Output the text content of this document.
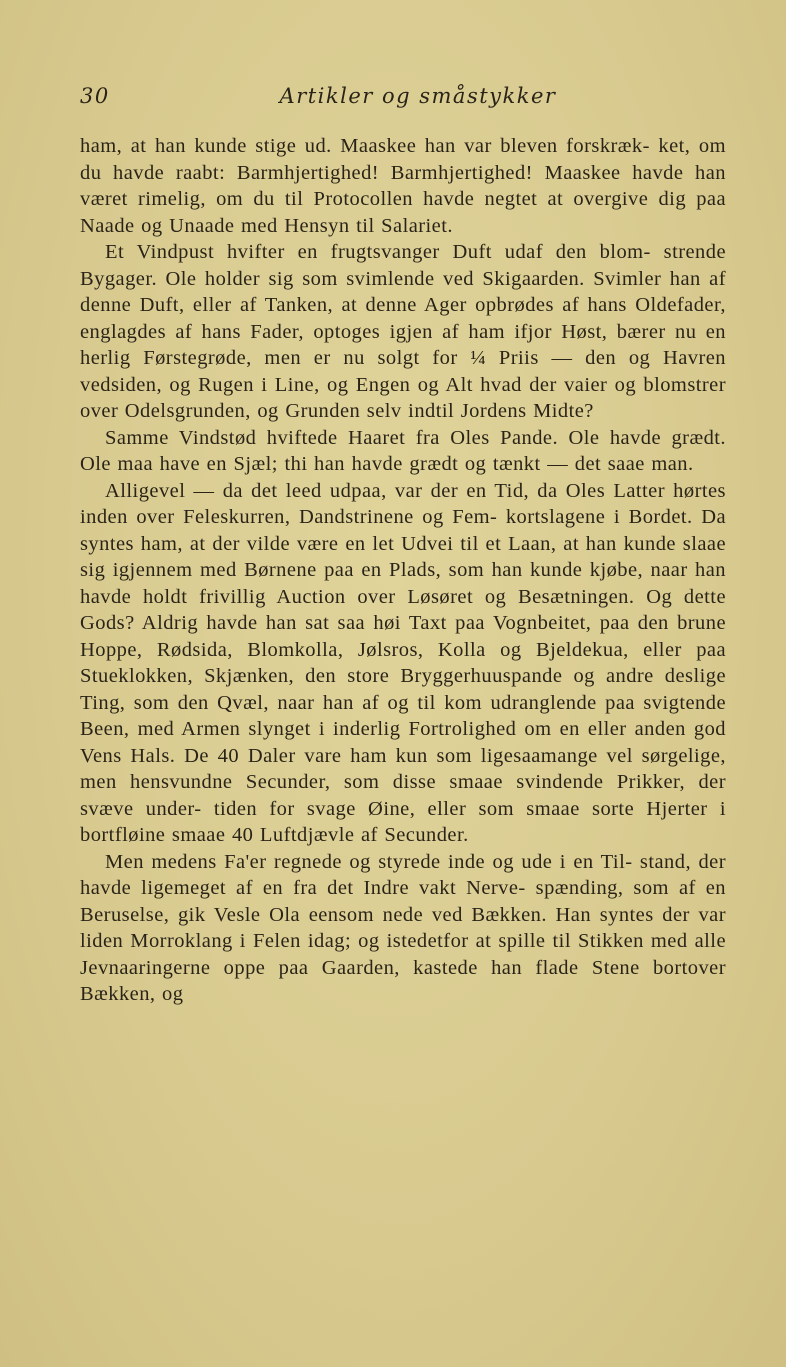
30	Artikler og småstykker

ham, at han kunde stige ud. Maaskee han var bleven forskræk- ket, om du havde raabt: Barmhjertighed! Barmhjertighed! Maaskee havde han været rimelig, om du til Protocollen havde negtet at overgive dig paa Naade og Unaade med Hensyn til Salariet.

Et Vindpust hvifter en frugtsvanger Duft udaf den blom- strende Bygager. Ole holder sig som svimlende ved Skigaarden. Svimler han af denne Duft, eller af Tanken, at denne Ager opbrødes af hans Oldefader, englagdes af hans Fader, optoges igjen af ham ifjor Høst, bærer nu en herlig Førstegrøde, men er nu solgt for ¼ Priis — den og Havren vedsiden, og Rugen i Line, og Engen og Alt hvad der vaier og blomstrer over Odelsgrunden, og Grunden selv indtil Jordens Midte?

Samme Vindstød hviftede Haaret fra Oles Pande. Ole havde grædt. Ole maa have en Sjæl; thi han havde grædt og tænkt — det saae man.

Alligevel — da det leed udpaa, var der en Tid, da Oles Latter hørtes inden over Feleskurren, Dandstrinene og Fem- kortslagene i Bordet. Da syntes ham, at der vilde være en let Udvei til et Laan, at han kunde slaae sig igjennem med Børnene paa en Plads, som han kunde kjøbe, naar han havde holdt frivillig Auction over Løsøret og Besætningen. Og dette Gods? Aldrig havde han sat saa høi Taxt paa Vognbeitet, paa den brune Hoppe, Rødsida, Blomkolla, Jølsros, Kolla og Bjeldekua, eller paa Stueklokken, Skjænken, den store Bryggerhuuspande og andre deslige Ting, som den Qvæl, naar han af og til kom udranglende paa svigtende Been, med Armen slynget i inderlig Fortrolighed om en eller anden god Vens Hals. De 40 Daler vare ham kun som ligesaamange vel sørgelige, men hensvundne Secunder, som disse smaae svindende Prikker, der svæve under- tiden for svage Øine, eller som smaae sorte Hjerter i bortfløine smaae 40 Luftdjævle af Secunder.

Men medens Fa'er regnede og styrede inde og ude i en Til- stand, der havde ligemeget af en fra det Indre vakt Nerve- spænding, som af en Beruselse, gik Vesle Ola eensom nede ved Bækken. Han syntes der var liden Morroklang i Felen idag; og istedetfor at spille til Stikken med alle Jevnaaringerne oppe paa Gaarden, kastede han flade Stene bortover Bækken, og
